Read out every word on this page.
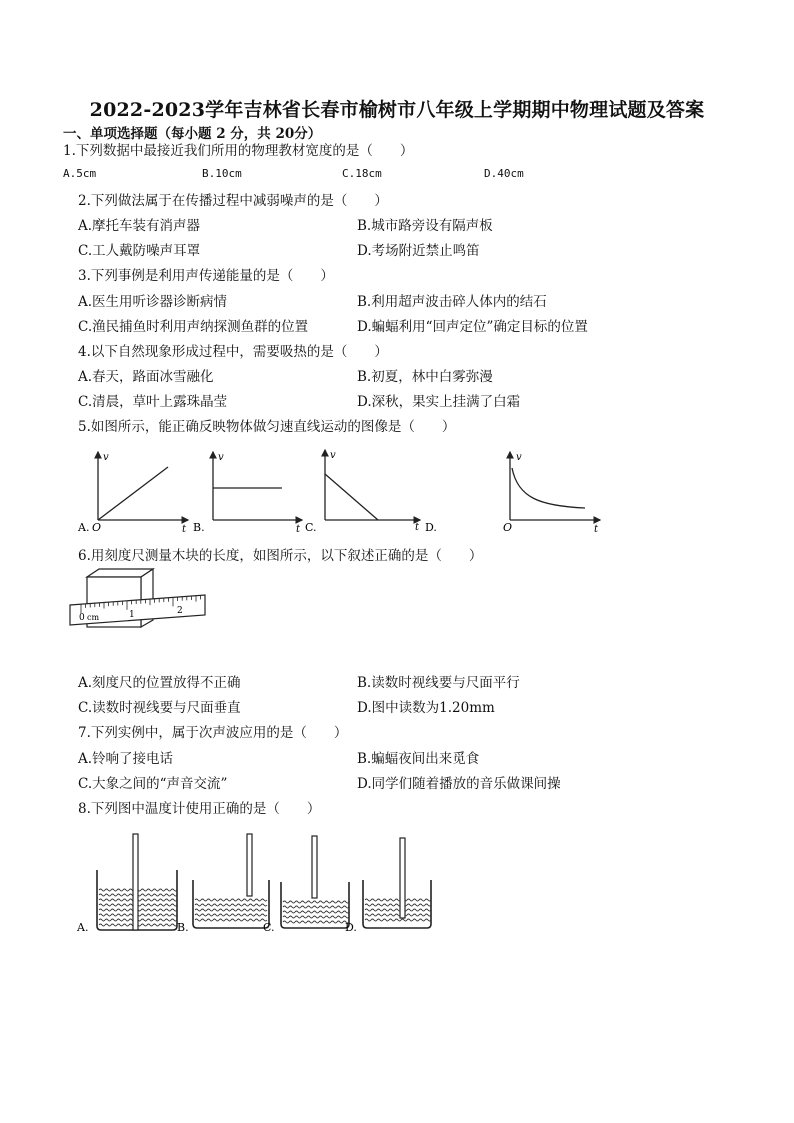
2022-2023学年吉林省长春市榆树市八年级上学期期中物理试题及答案
一、单项选择题（每小题 2 分，共 20分）
1.下列数据中最接近我们所用的物理教材宽度的是（　　）
A.5cm	B.10cm	C.18cm	D.40cm
2.下列做法属于在传播过程中减弱噪声的是（　　）
A.摩托车装有消声器	B.城市路旁设有隔声板
C.工人戴防噪声耳罩	D.考场附近禁止鸣笛
3.下列事例是利用声传递能量的是（　　）
A.医生用听诊器诊断病情	B.利用超声波击碎人体内的结石
C.渔民捕鱼时利用声纳探测鱼群的位置	D.蝙蝠利用“回声定位”确定目标的位置
4.以下自然现象形成过程中，需要吸热的是（　　）
A.春天，路面冰雪融化	B.初夏，林中白雾弥漫
C.清晨，草叶上露珠晶莹	D.深秋，果实上挂满了白霜
5.如图所示，能正确反映物体做匀速直线运动的图像是（　　）
v
t
O
A.
v
t
B.
v
t
C.
v
t
O
D.
6.用刻度尺测量木块的长度，如图所示，以下叙述正确的是（　　）
0 cm	1	2
A.刻度尺的位置放得不正确	B.读数时视线要与尺面平行
C.读数时视线要与尺面垂直	D.图中读数为1.20mm
7.下列实例中，属于次声波应用的是（　　）
A.铃响了接电话	B.蝙蝠夜间出来觅食
C.大象之间的“声音交流”	D.同学们随着播放的音乐做课间操
8.下列图中温度计使用正确的是（　　）
A.	B.	C.	D.
